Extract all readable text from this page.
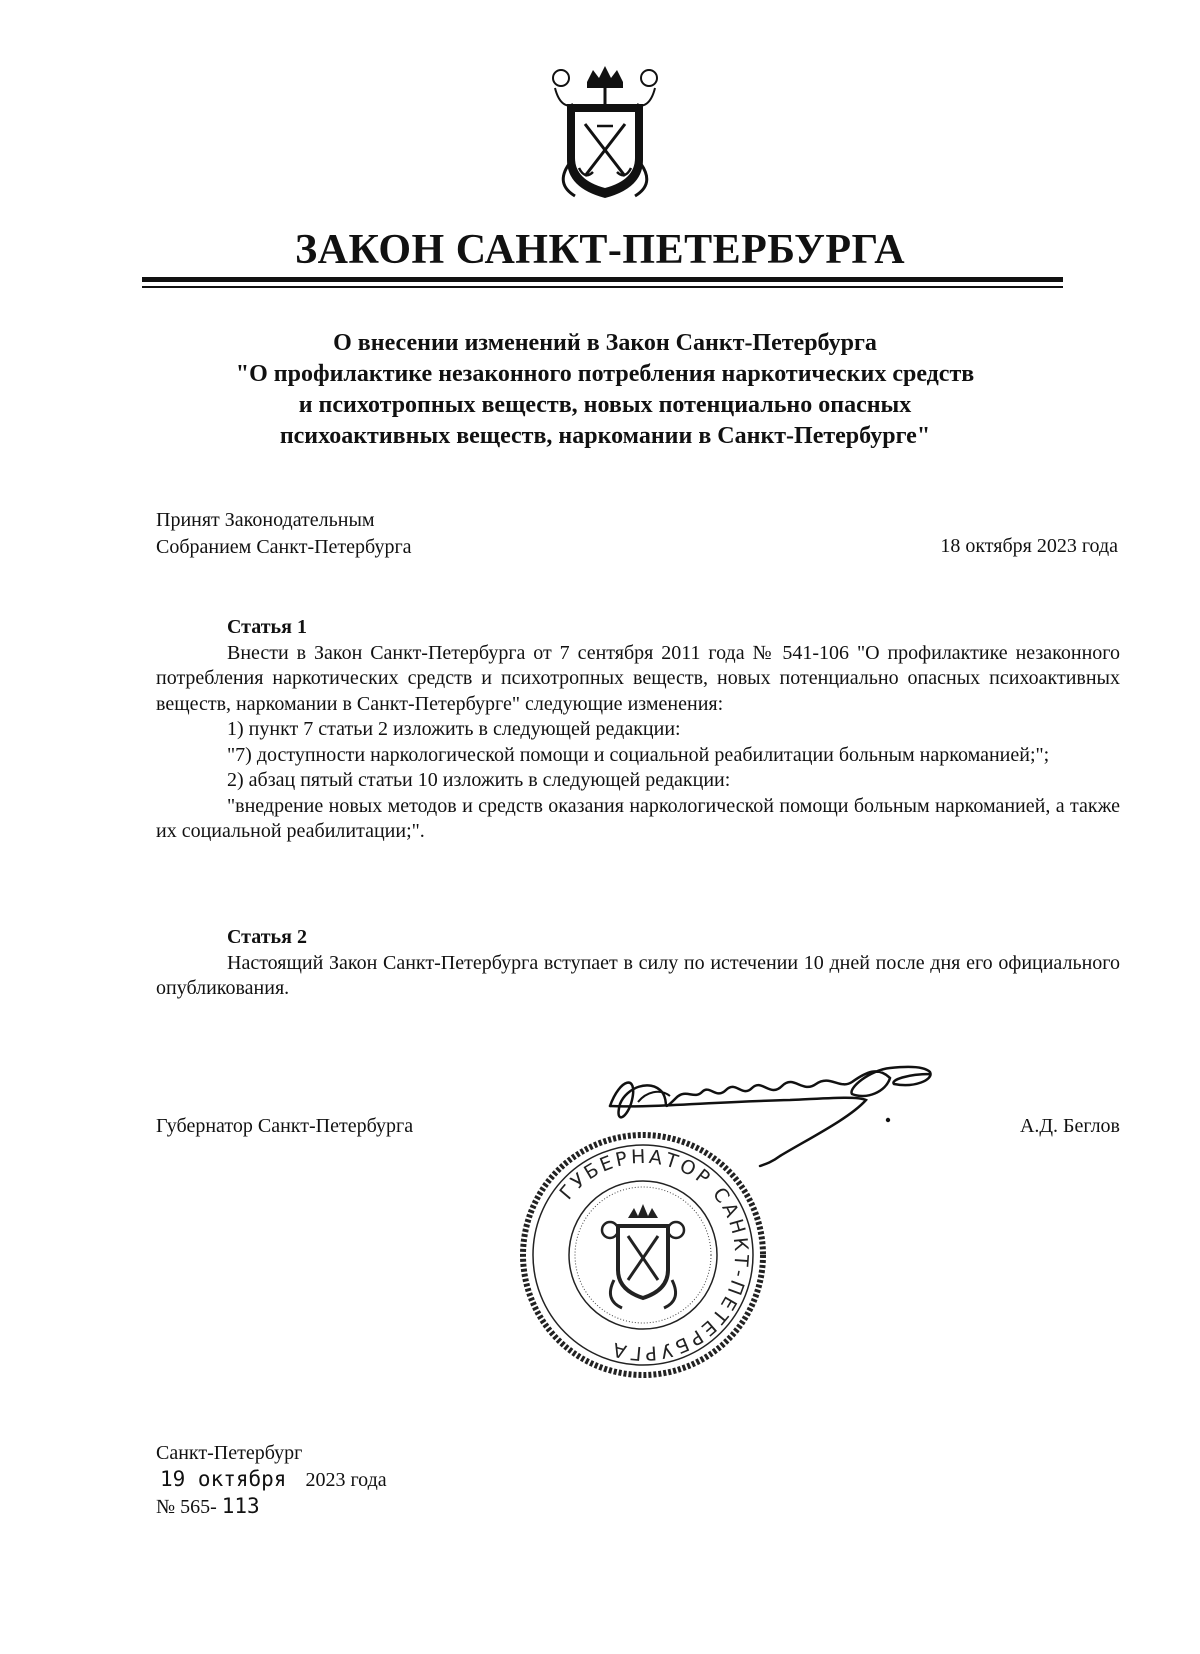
ЗАКОН САНКТ-ПЕТЕРБУРГА
О внесении изменений в Закон Санкт-Петербурга
"О профилактике незаконного потребления наркотических средств
и психотропных веществ, новых потенциально опасных
психоактивных веществ, наркомании в Санкт-Петербурге"
Принят Законодательным
Собранием Санкт-Петербурга	18 октября 2023 года
Статья 1
Внести в Закон Санкт-Петербурга от 7 сентября 2011 года № 541-106 "О профилактике незаконного потребления наркотических средств и психотропных веществ, новых потенциально опасных психоактивных веществ, наркомании в Санкт-Петербурге" следующие изменения:
1) пункт 7 статьи 2 изложить в следующей редакции:
"7) доступности наркологической помощи и социальной реабилитации больным наркоманией;";
2) абзац пятый статьи 10 изложить в следующей редакции:
"внедрение новых методов и средств оказания наркологической помощи больным наркоманией, а также их социальной реабилитации;".
Статья 2
Настоящий Закон Санкт-Петербурга вступает в силу по истечении 10 дней после дня его официального опубликования.
Губернатор Санкт-Петербурга	А.Д. Беглов
ГУБЕРНАТОР САНКТ-ПЕТЕРБУРГА
Санкт-Петербург
19 октября 2023 года
№ 565- 113
